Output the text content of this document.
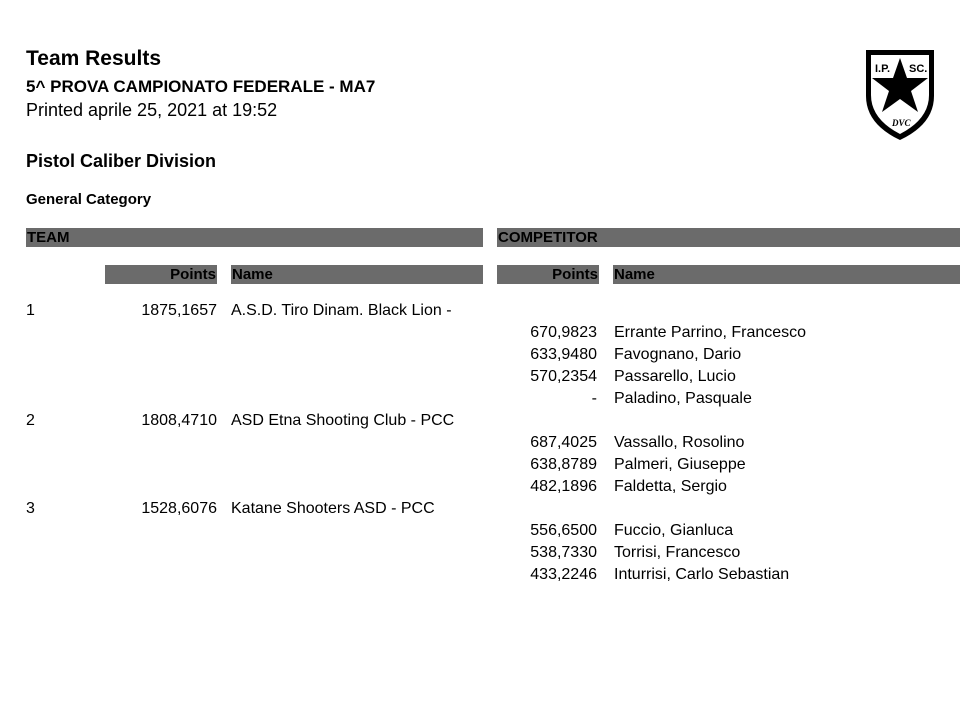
Team Results
5^ PROVA CAMPIONATO FEDERALE - MA7
Printed aprile 25, 2021 at 19:52
I.P. SC.
DVC
Pistol Caliber Division
General Category
TEAM	COMPETITOR
Points Name	Points Name
1	1875,1657 A.S.D. Tiro Dinam. Black Lion -
670,9823 Errante Parrino, Francesco
633,9480 Favognano, Dario
570,2354 Passarello, Lucio
- Paladino, Pasquale
2	1808,4710 ASD Etna Shooting Club - PCC
687,4025 Vassallo, Rosolino
638,8789 Palmeri, Giuseppe
482,1896 Faldetta, Sergio
3	1528,6076 Katane Shooters ASD - PCC
556,6500 Fuccio, Gianluca
538,7330 Torrisi, Francesco
433,2246 Inturrisi, Carlo Sebastian
